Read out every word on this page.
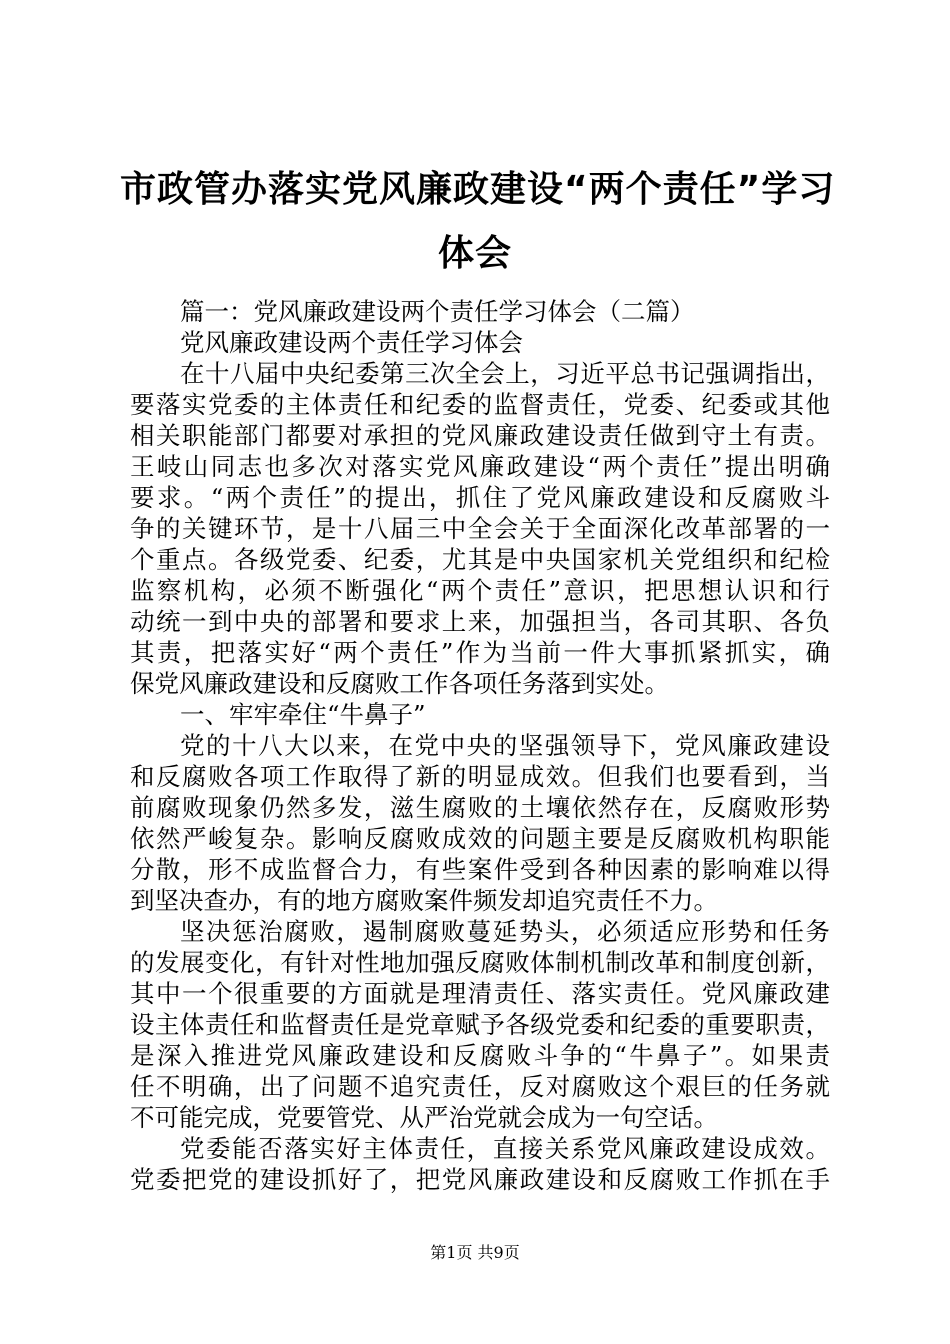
市政管办落实党风廉政建设“两个责任”学习
体会
篇一：党风廉政建设两个责任学习体会（二篇）
党风廉政建设两个责任学习体会
在十八届中央纪委第三次全会上，习近平总书记强调指出，
要落实党委的主体责任和纪委的监督责任，党委、纪委或其他
相关职能部门都要对承担的党风廉政建设责任做到守土有责。
王岐山同志也多次对落实党风廉政建设“两个责任”提出明确
要求。“两个责任”的提出，抓住了党风廉政建设和反腐败斗
争的关键环节，是十八届三中全会关于全面深化改革部署的一
个重点。各级党委、纪委，尤其是中央国家机关党组织和纪检
监察机构，必须不断强化“两个责任”意识，把思想认识和行
动统一到中央的部署和要求上来，加强担当，各司其职、各负
其责，把落实好“两个责任”作为当前一件大事抓紧抓实，确
保党风廉政建设和反腐败工作各项任务落到实处。
一、牢牢牵住“牛鼻子”
党的十八大以来，在党中央的坚强领导下，党风廉政建设
和反腐败各项工作取得了新的明显成效。但我们也要看到，当
前腐败现象仍然多发，滋生腐败的土壤依然存在，反腐败形势
依然严峻复杂。影响反腐败成效的问题主要是反腐败机构职能
分散，形不成监督合力，有些案件受到各种因素的影响难以得
到坚决查办，有的地方腐败案件频发却追究责任不力。
坚决惩治腐败，遏制腐败蔓延势头，必须适应形势和任务
的发展变化，有针对性地加强反腐败体制机制改革和制度创新，
其中一个很重要的方面就是理清责任、落实责任。党风廉政建
设主体责任和监督责任是党章赋予各级党委和纪委的重要职责，
是深入推进党风廉政建设和反腐败斗争的“牛鼻子”。如果责
任不明确，出了问题不追究责任，反对腐败这个艰巨的任务就
不可能完成，党要管党、从严治党就会成为一句空话。
党委能否落实好主体责任，直接关系党风廉政建设成效。
党委把党的建设抓好了，把党风廉政建设和反腐败工作抓在手
第1页 共9页
